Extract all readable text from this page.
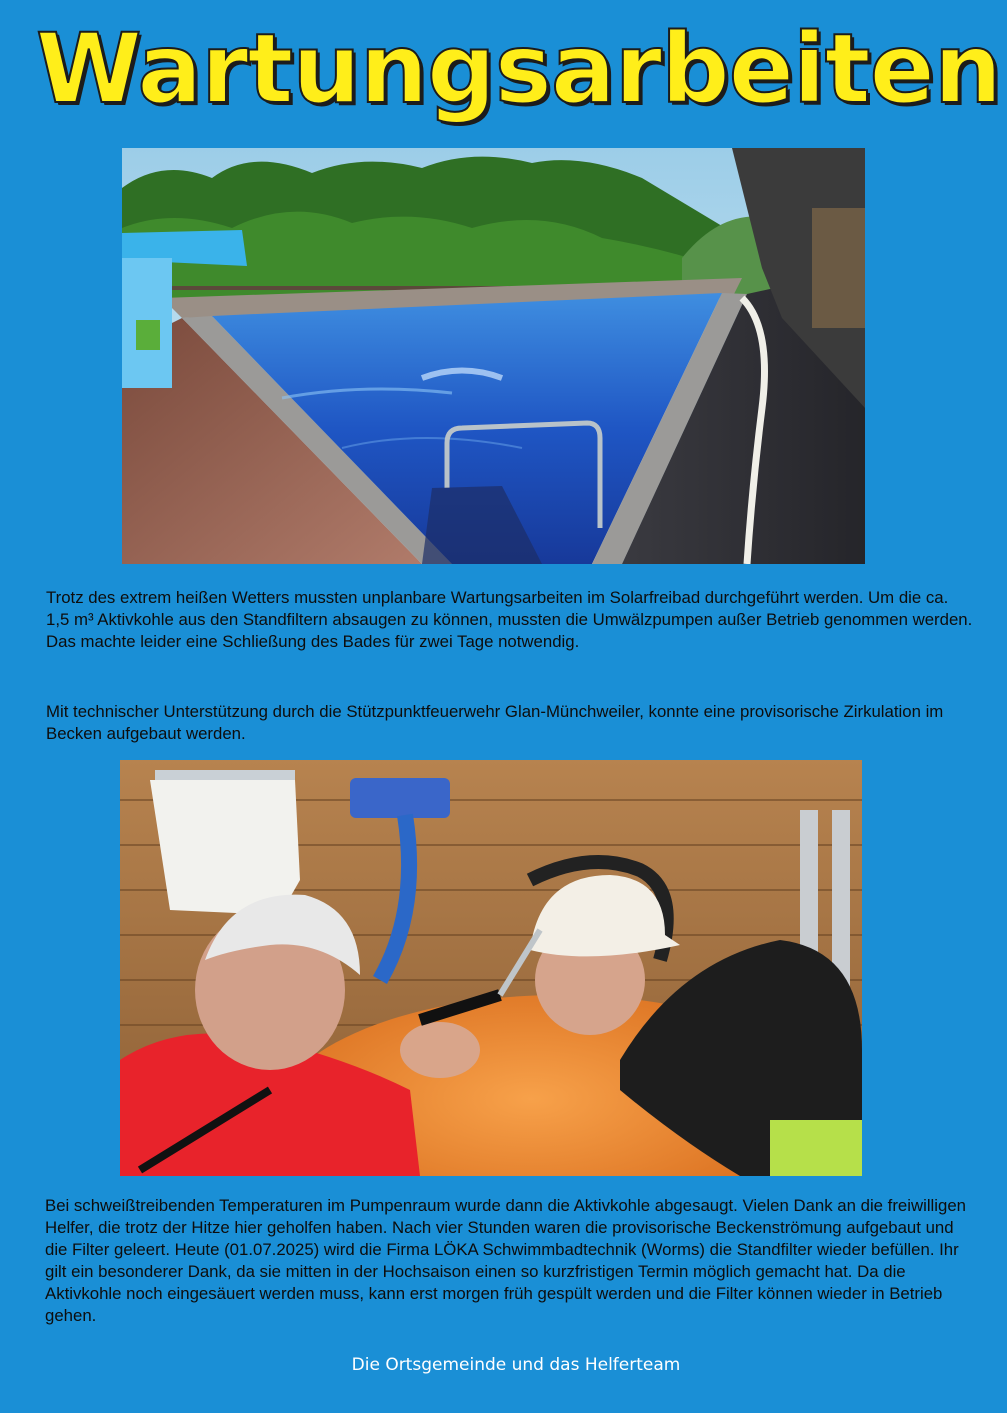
Wartungsarbeiten

Trotz des extrem heißen Wetters mussten unplanbare Wartungsarbeiten im Solarfreibad durchgeführt werden. Um die ca. 1,5 m³ Aktivkohle aus den Standfiltern absaugen zu können, mussten die Umwälzpumpen außer Betrieb genommen werden. Das machte leider eine Schließung des Bades für zwei Tage notwendig.

Mit technischer Unterstützung durch die Stützpunktfeuerwehr Glan-Münchweiler, konnte eine provisorische Zirkulation im Becken aufgebaut werden.

Bei schweißtreibenden Temperaturen im Pumpenraum wurde dann die Aktivkohle abgesaugt. Vielen Dank an die freiwilligen Helfer, die trotz der Hitze hier geholfen haben. Nach vier Stunden waren die provisorische Beckenströmung aufgebaut und die Filter geleert. Heute (01.07.2025) wird die Firma LÖKA Schwimmbadtechnik (Worms) die Standfilter wieder befüllen. Ihr gilt ein besonderer Dank, da sie mitten in der Hochsaison einen so kurzfristigen Termin möglich gemacht hat. Da die Aktivkohle noch eingesäuert werden muss, kann erst morgen früh gespült werden und die Filter können wieder in Betrieb gehen.

Die Ortsgemeinde und das Helferteam
